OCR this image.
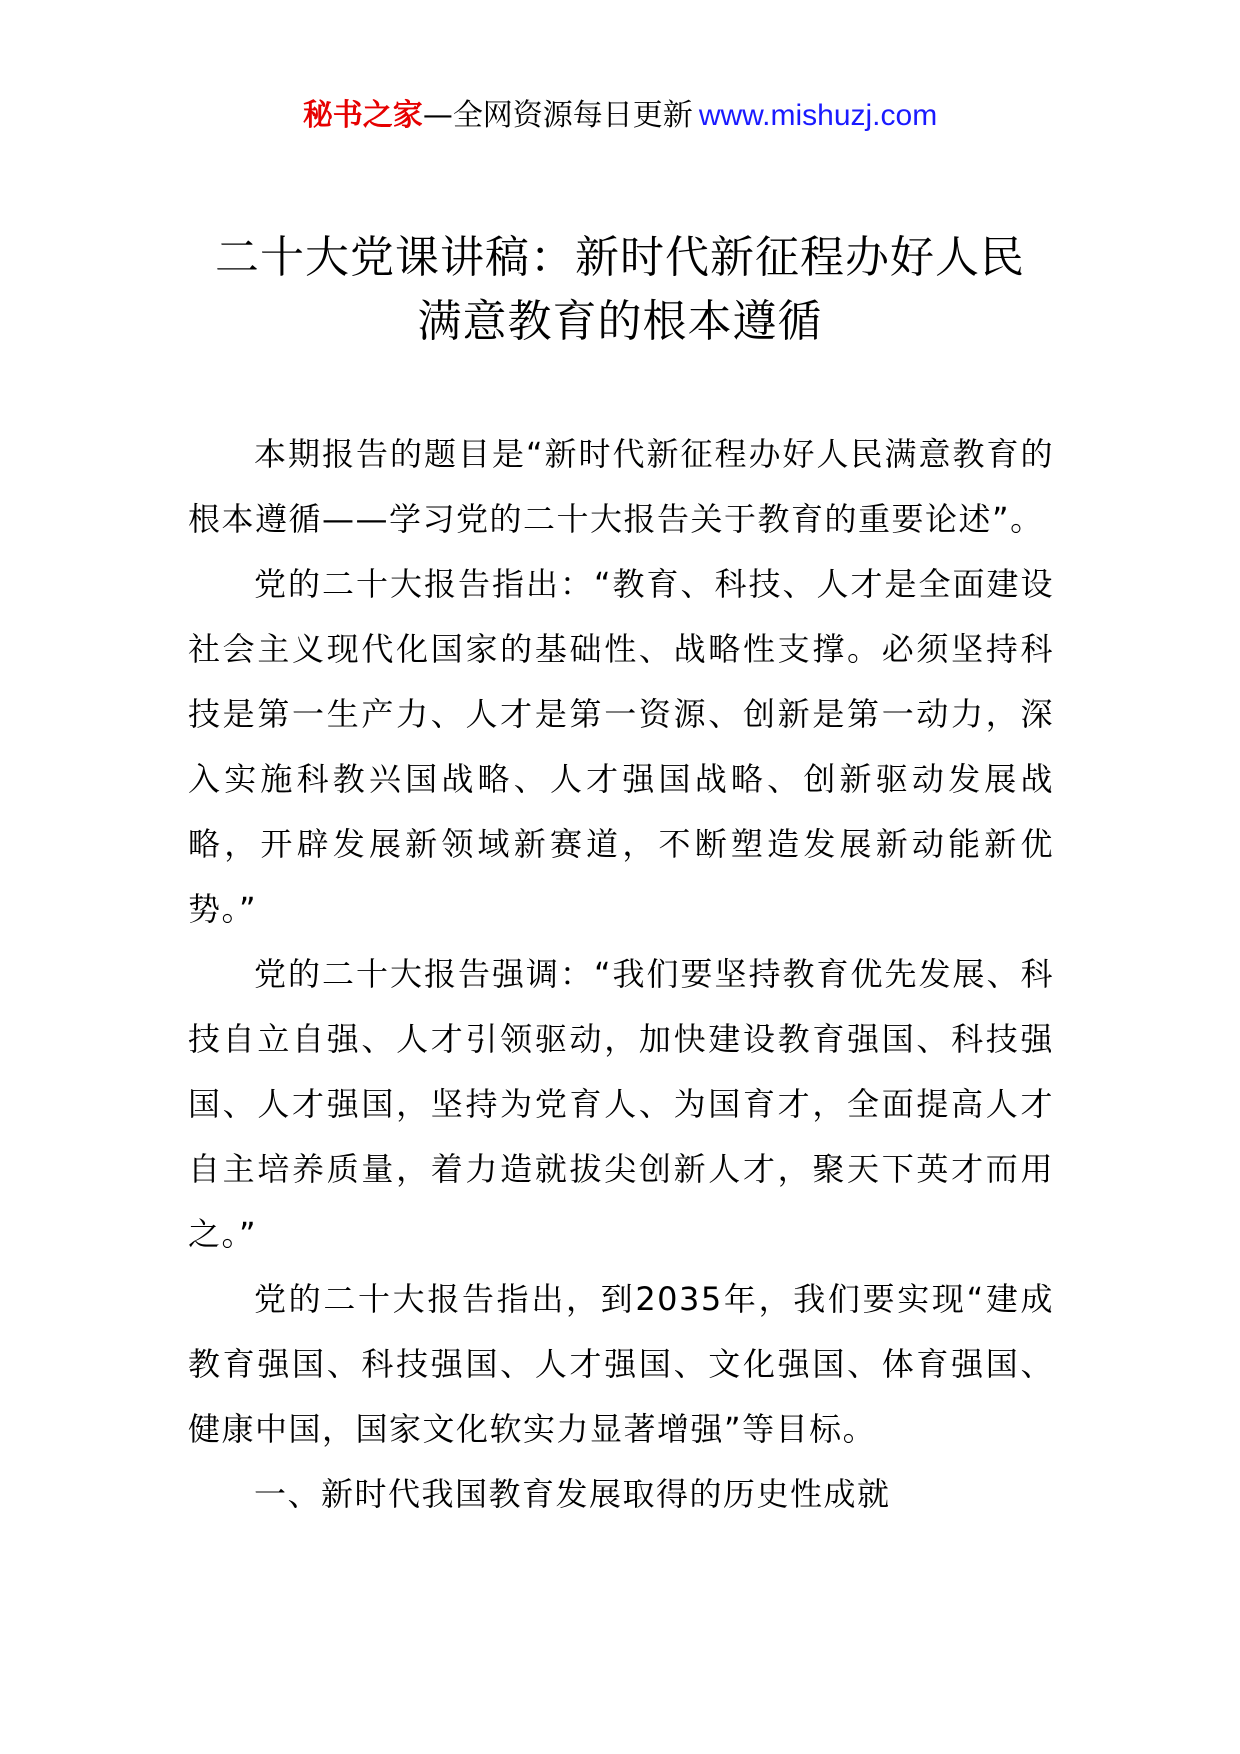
秘书之家—全网资源每日更新 www.mishuzj.com
二十大党课讲稿：新时代新征程办好人民
满意教育的根本遵循

本期报告的题目是“新时代新征程办好人民满意教育的根本遵循——学习党的二十大报告关于教育的重要论述”。

党的二十大报告指出：“教育、科技、人才是全面建设社会主义现代化国家的基础性、战略性支撑。必须坚持科技是第一生产力、人才是第一资源、创新是第一动力，深入实施科教兴国战略、人才强国战略、创新驱动发展战略，开辟发展新领域新赛道，不断塑造发展新动能新优势。”

党的二十大报告强调：“我们要坚持教育优先发展、科技自立自强、人才引领驱动，加快建设教育强国、科技强国、人才强国，坚持为党育人、为国育才，全面提高人才自主培养质量，着力造就拔尖创新人才，聚天下英才而用之。”

党的二十大报告指出，到2035年，我们要实现“建成教育强国、科技强国、人才强国、文化强国、体育强国、健康中国，国家文化软实力显著增强”等目标。

一、新时代我国教育发展取得的历史性成就
